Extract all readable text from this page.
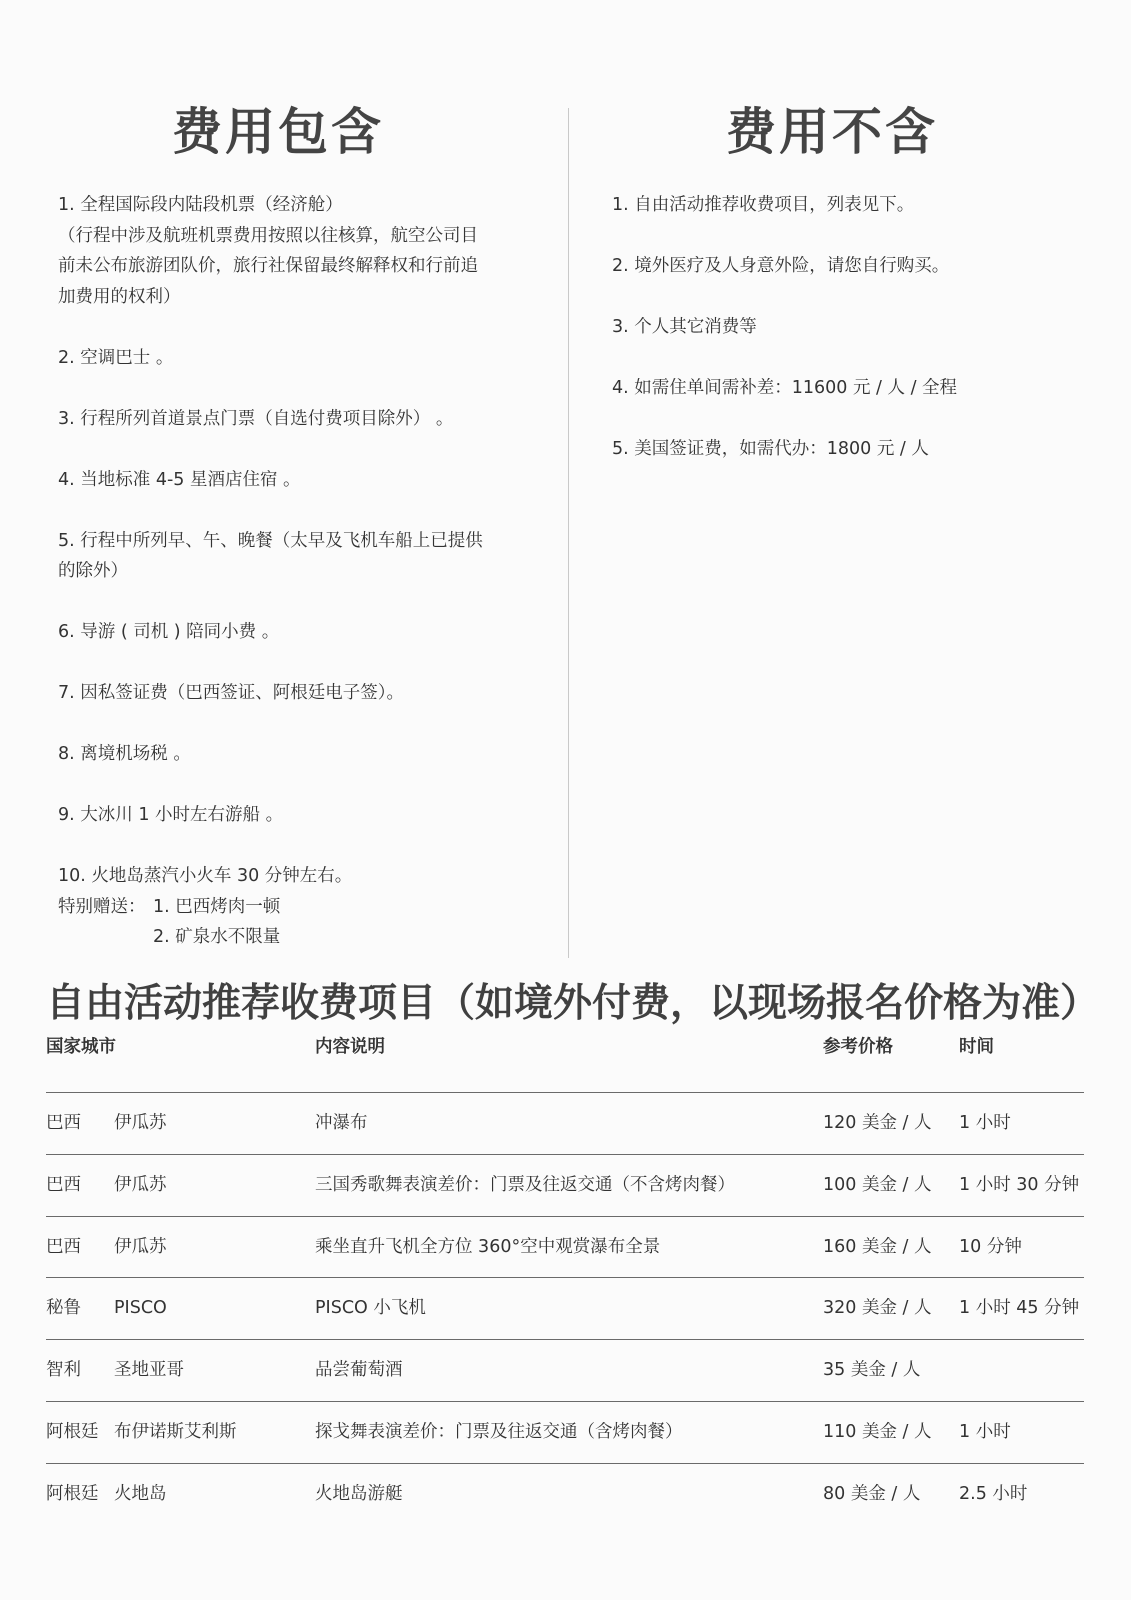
费用包含
1. 全程国际段内陆段机票（经济舱）
（行程中涉及航班机票费用按照以往核算，航空公司目
前未公布旅游团队价，旅行社保留最终解释权和行前追
加费用的权利）
2. 空调巴士 。
3. 行程所列首道景点门票（自选付费项目除外） 。
4. 当地标准 4-5 星酒店住宿 。
5. 行程中所列早、午、晚餐（太早及飞机车船上已提供
的除外）
6. 导游 ( 司机 ) 陪同小费 。
7. 因私签证费（巴西签证、阿根廷电子签）。
8. 离境机场税 。
9. 大冰川 1 小时左右游船 。
10. 火地岛蒸汽小火车 30 分钟左右。
特别赠送： 1. 巴西烤肉一顿
2. 矿泉水不限量
费用不含
1. 自由活动推荐收费项目，列表见下。
2. 境外医疗及人身意外险，请您自行购买。
3. 个人其它消费等
4. 如需住单间需补差：11600 元 / 人 / 全程
5. 美国签证费，如需代办：1800 元 / 人
自由活动推荐收费项目（如境外付费，以现场报名价格为准）
国家城市	内容说明	参考价格	时间
巴西 伊瓜苏	冲瀑布	120 美金 / 人 1 小时
巴西 伊瓜苏	三国秀歌舞表演差价：门票及往返交通（不含烤肉餐）	100 美金 / 人 1 小时 30 分钟
巴西 伊瓜苏	乘坐直升飞机全方位 360°空中观赏瀑布全景	160 美金 / 人 10 分钟
秘鲁 PISCO	PISCO 小飞机	320 美金 / 人 1 小时 45 分钟
智利 圣地亚哥	品尝葡萄酒	35 美金 / 人
阿根廷 布伊诺斯艾利斯	探戈舞表演差价：门票及往返交通（含烤肉餐）	110 美金 / 人 1 小时
阿根廷 火地岛	火地岛游艇	80 美金 / 人 2.5 小时
